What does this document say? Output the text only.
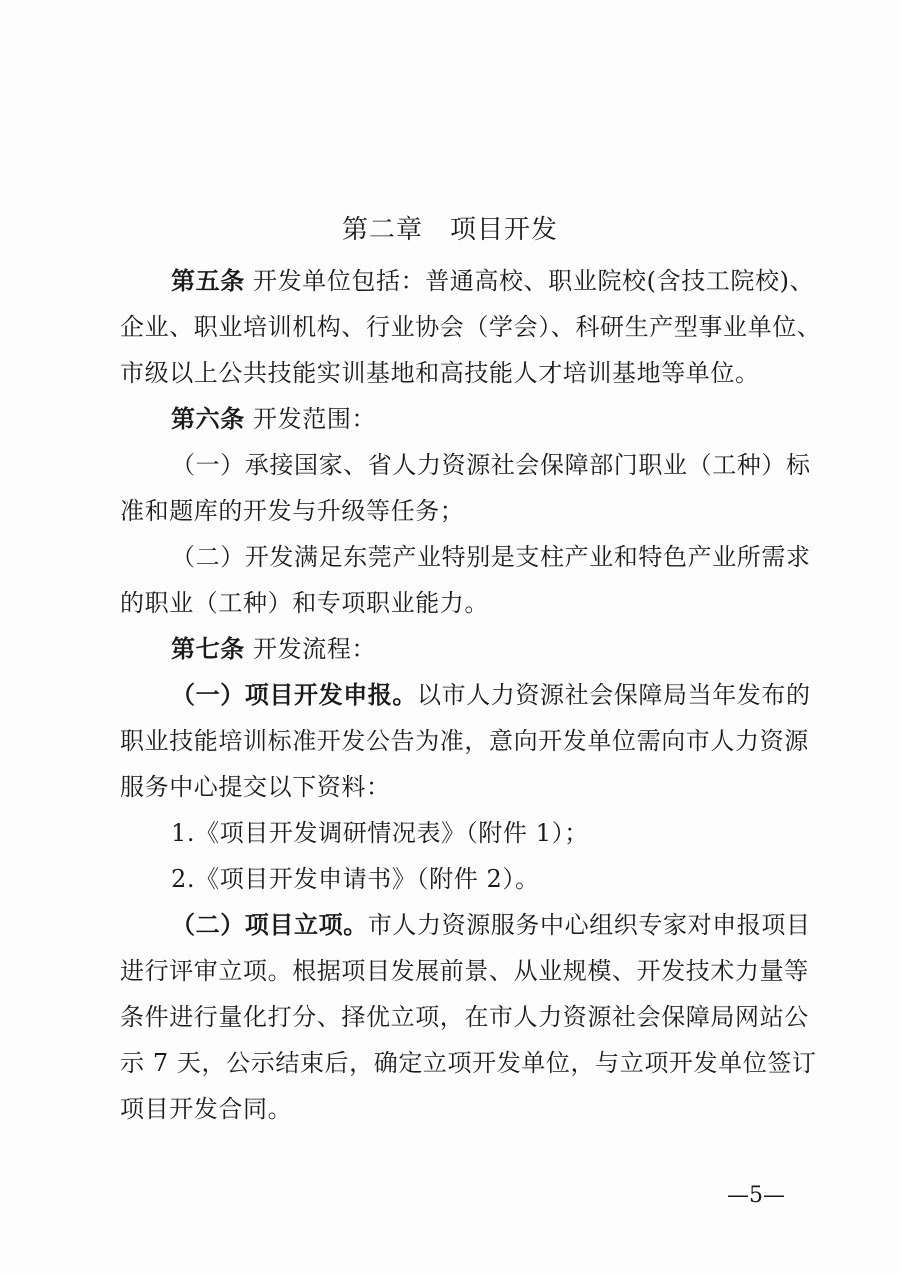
第二章　项目开发
第五条 开发单位包括：普通高校、职业院校(含技工院校)、
企业、职业培训机构、行业协会（学会）、科研生产型事业单位、
市级以上公共技能实训基地和高技能人才培训基地等单位。
第六条 开发范围：
（一）承接国家、省人力资源社会保障部门职业（工种）标
准和题库的开发与升级等任务；
（二）开发满足东莞产业特别是支柱产业和特色产业所需求
的职业（工种）和专项职业能力。
第七条 开发流程：
（一）项目开发申报。以市人力资源社会保障局当年发布的
职业技能培训标准开发公告为准，意向开发单位需向市人力资源
服务中心提交以下资料：
1.《项目开发调研情况表》（附件 1）；
2.《项目开发申请书》（附件 2）。
（二）项目立项。市人力资源服务中心组织专家对申报项目
进行评审立项。根据项目发展前景、从业规模、开发技术力量等
条件进行量化打分、择优立项，在市人力资源社会保障局网站公
示 7 天，公示结束后，确定立项开发单位，与立项开发单位签订
项目开发合同。
—5—
